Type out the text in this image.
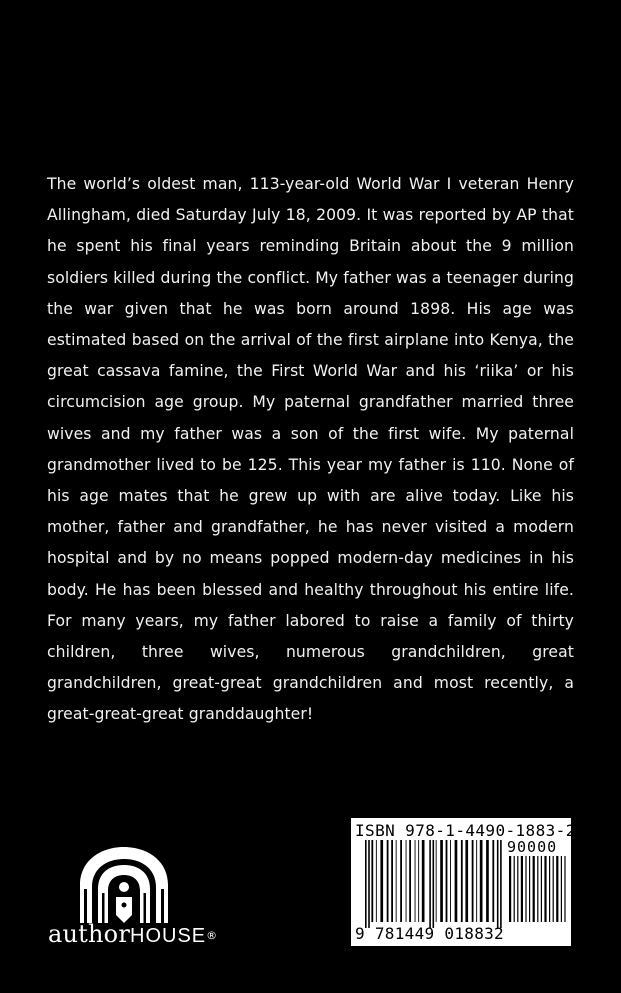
The world’s oldest man, 113-year-old World War I veteran Henry Allingham, died Saturday July 18, 2009. It was reported by AP that he spent his final years reminding Britain about the 9 million soldiers killed during the conflict. My father was a teenager during the war given that he was born around 1898. His age was estimated based on the arrival of the first airplane into Kenya, the great cassava famine, the First World War and his ‘riika’ or his circumcision age group. My paternal grandfather married three wives and my father was a son of the first wife. My paternal grandmother lived to be 125. This year my father is 110. None of his age mates that he grew up with are alive today. Like his mother, father and grandfather, he has never visited a modern hospital and by no means popped modern-day medicines in his body. He has been blessed and healthy throughout his entire life. For many years, my father labored to raise a family of thirty children, three wives, numerous grandchildren, great grandchildren, great-great grandchildren and most recently, a great-great-great granddaughter!

authorHOUSE®
ISBN 978-1-4490-1883-2
90000
9 781449 018832
